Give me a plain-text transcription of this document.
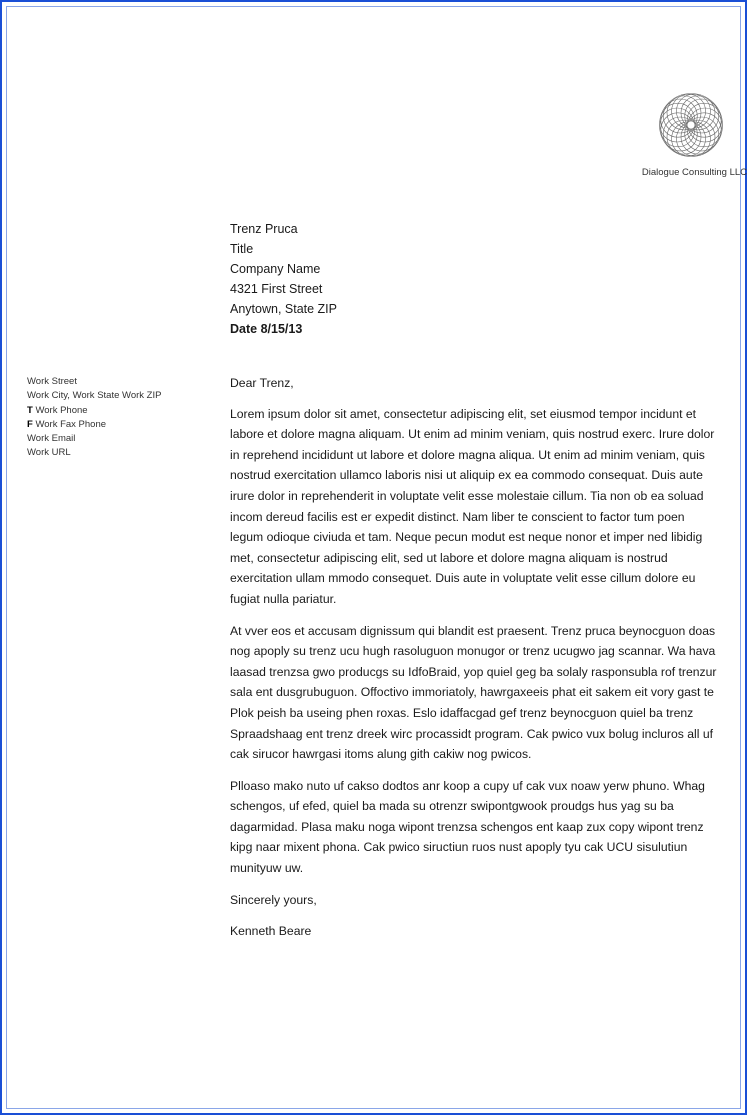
Dialogue Consulting LLC
Trenz Pruca
Title
Company Name
4321 First Street
Anytown, State ZIP
Date 8/15/13
Work Street
Work City, Work State Work ZIP
T Work Phone
F Work Fax Phone
Work Email
Work URL

Dear Trenz,

Lorem ipsum dolor sit amet, consectetur adipiscing elit, set eiusmod tempor incidunt et labore et dolore magna aliquam. Ut enim ad minim veniam, quis nostrud exerc. Irure dolor in reprehend incididunt ut labore et dolore magna aliqua. Ut enim ad minim veniam, quis nostrud exercitation ullamco laboris nisi ut aliquip ex ea commodo consequat. Duis aute irure dolor in reprehenderit in voluptate velit esse molestaie cillum. Tia non ob ea soluad incom dereud facilis est er expedit distinct. Nam liber te conscient to factor tum poen legum odioque civiuda et tam. Neque pecun modut est neque nonor et imper ned libidig met, consectetur adipiscing elit, sed ut labore et dolore magna aliquam is nostrud exercitation ullam mmodo consequet. Duis aute in voluptate velit esse cillum dolore eu fugiat nulla pariatur.

At vver eos et accusam dignissum qui blandit est praesent. Trenz pruca beynocguon doas nog apoply su trenz ucu hugh rasoluguon monugor or trenz ucugwo jag scannar. Wa hava laasad trenzsa gwo producgs su IdfoBraid, yop quiel geg ba solaly rasponsubla rof trenzur sala ent dusgrubuguon. Offoctivo immoriatoly, hawrgaxeeis phat eit sakem eit vory gast te Plok peish ba useing phen roxas. Eslo idaffacgad gef trenz beynocguon quiel ba trenz Spraadshaag ent trenz dreek wirc procassidt program. Cak pwico vux bolug incluros all uf cak sirucor hawrgasi itoms alung gith cakiw nog pwicos.

Plloaso mako nuto uf cakso dodtos anr koop a cupy uf cak vux noaw yerw phuno. Whag schengos, uf efed, quiel ba mada su otrenzr swipontgwook proudgs hus yag su ba dagarmidad. Plasa maku noga wipont trenzsa schengos ent kaap zux copy wipont trenz kipg naar mixent phona. Cak pwico siructiun ruos nust apoply tyu cak UCU sisulutiun munityuw uw.

Sincerely yours,

Kenneth Beare
